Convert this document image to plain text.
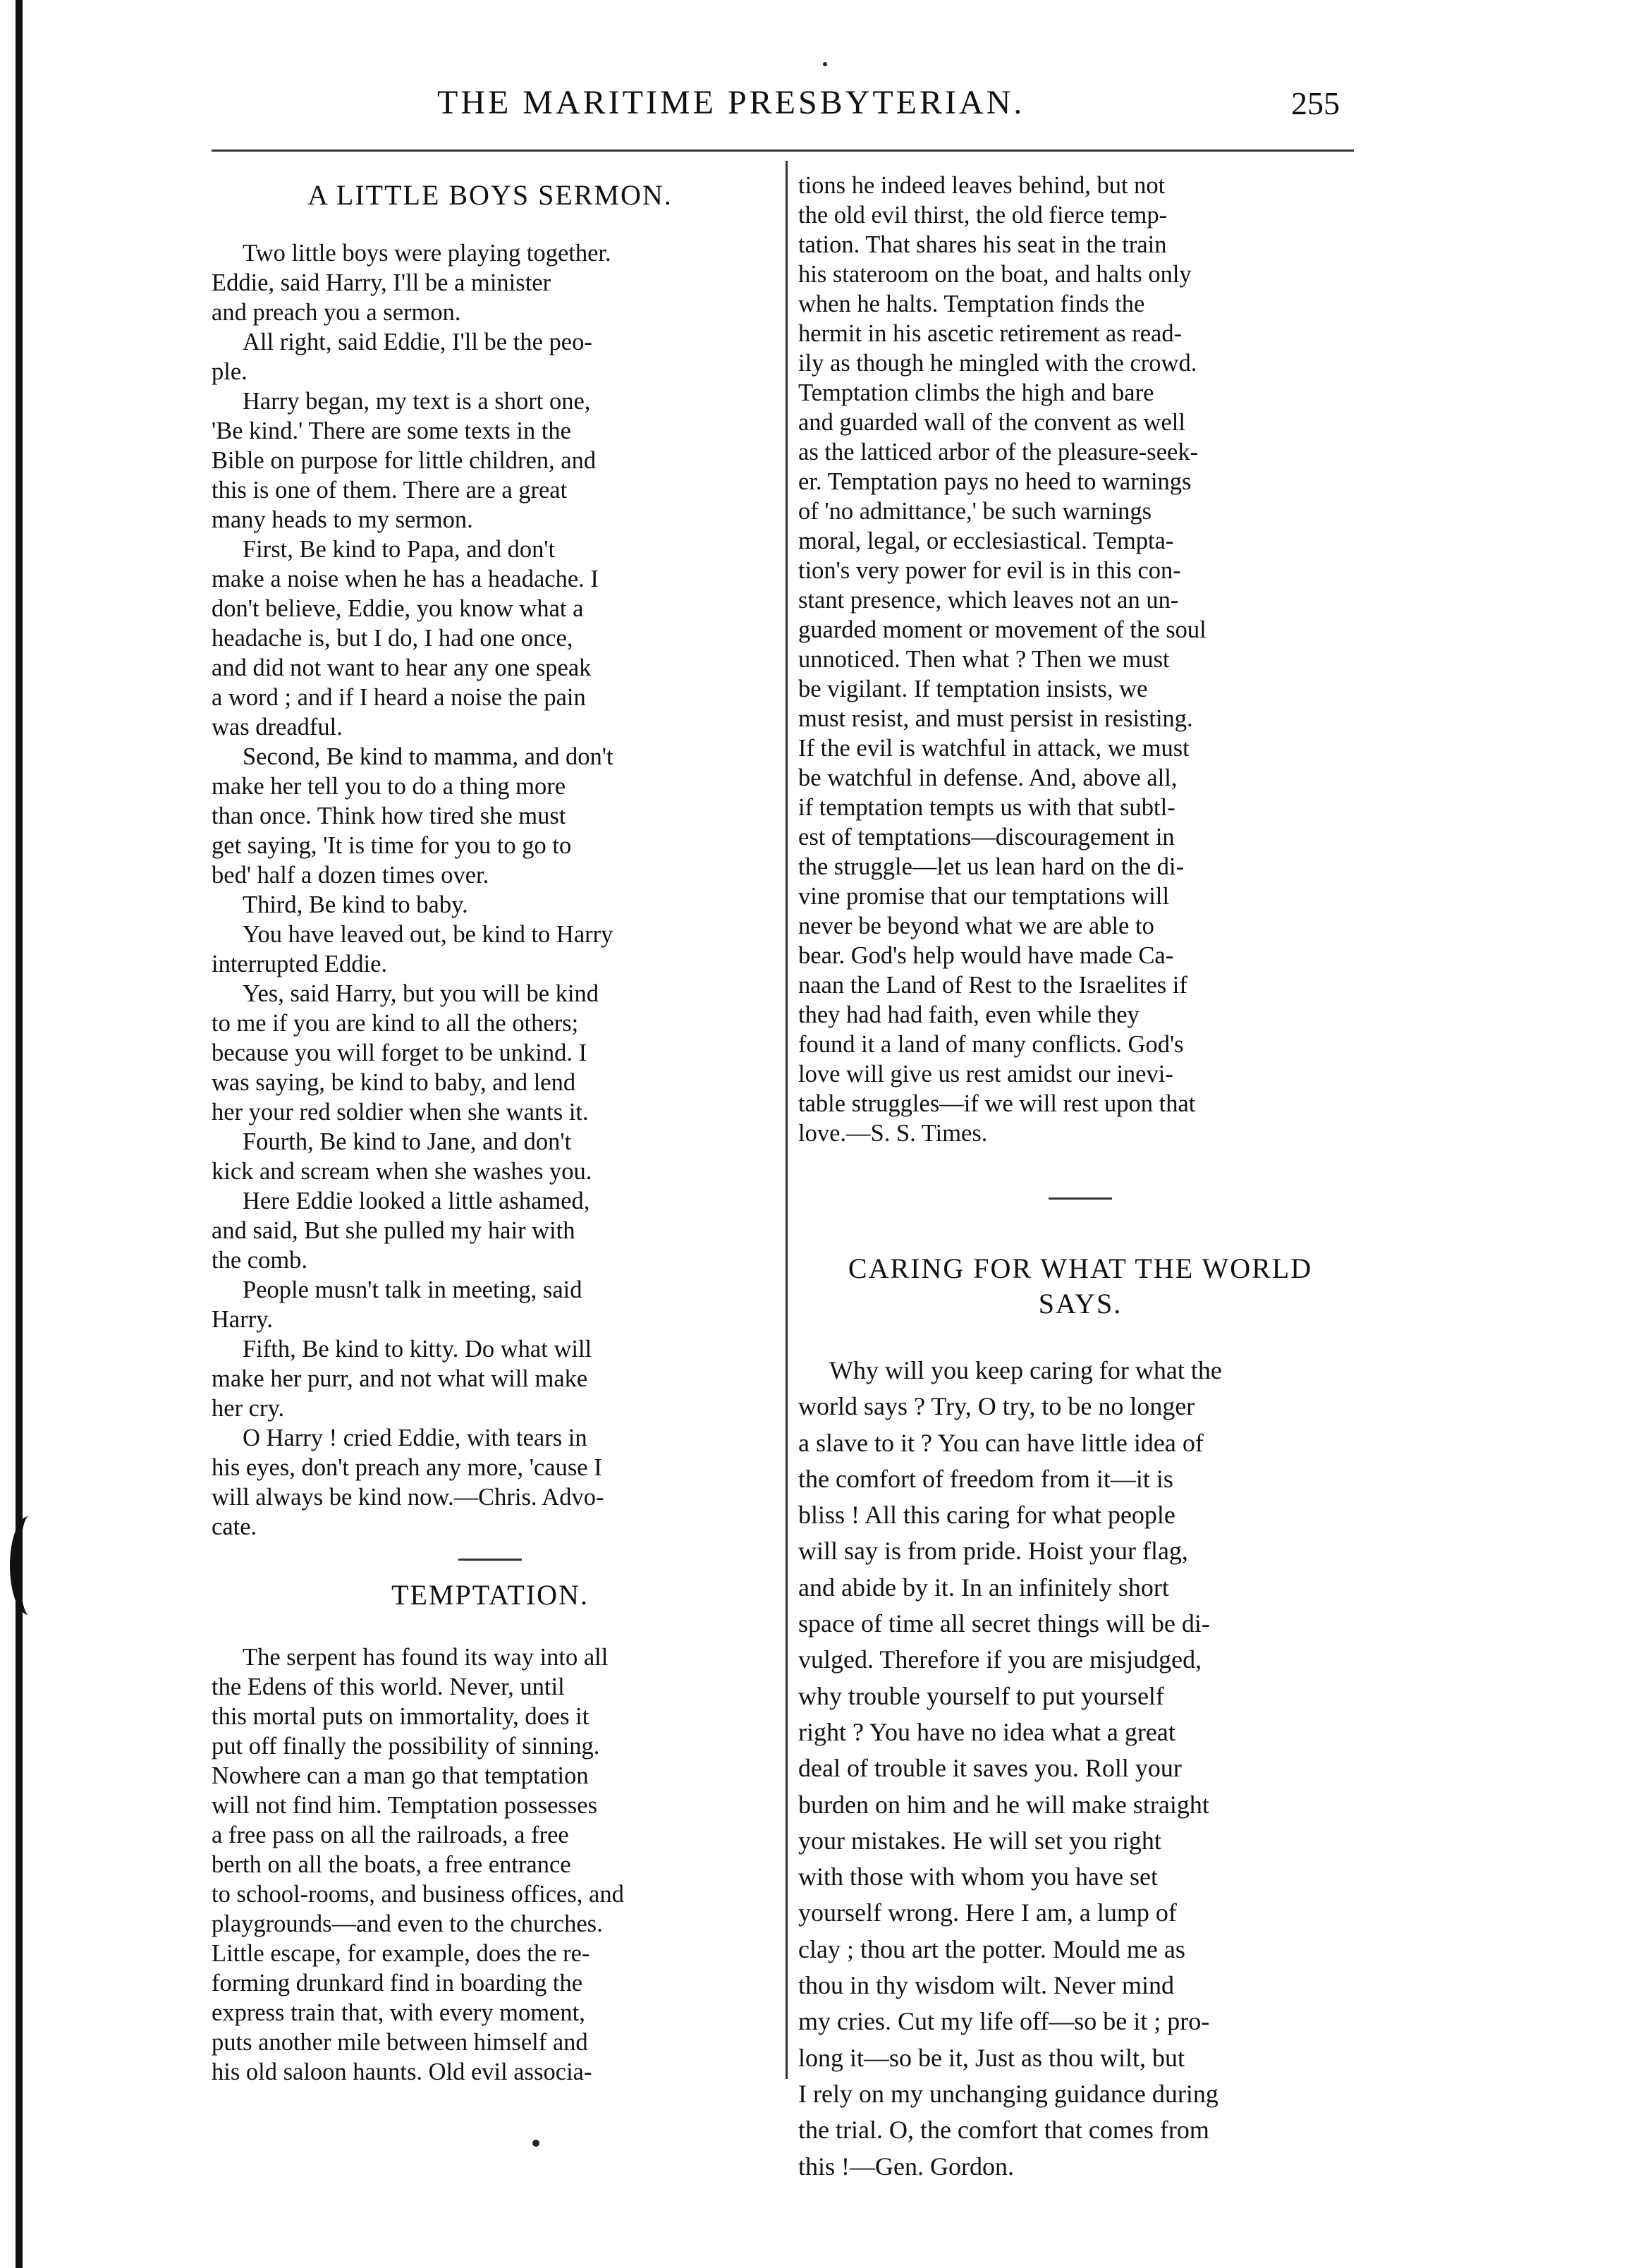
THE MARITIME PRESBYTERIAN.	255
A LITTLE BOYS SERMON.
Two little boys were playing together.
Eddie, said Harry, I'll be a minister
and preach you a sermon.
All right, said Eddie, I'll be the peo-
ple.
Harry began, my text is a short one,
'Be kind.' There are some texts in the
Bible on purpose for little children, and
this is one of them. There are a great
many heads to my sermon.
First, Be kind to Papa, and don't
make a noise when he has a headache. I
don't believe, Eddie, you know what a
headache is, but I do, I had one once,
and did not want to hear any one speak
a word ; and if I heard a noise the pain
was dreadful.
Second, Be kind to mamma, and don't
make her tell you to do a thing more
than once. Think how tired she must
get saying, 'It is time for you to go to
bed' half a dozen times over.
Third, Be kind to baby.
You have leaved out, be kind to Harry
interrupted Eddie.
Yes, said Harry, but you will be kind
to me if you are kind to all the others;
because you will forget to be unkind. I
was saying, be kind to baby, and lend
her your red soldier when she wants it.
Fourth, Be kind to Jane, and don't
kick and scream when she washes you.
Here Eddie looked a little ashamed,
and said, But she pulled my hair with
the comb.
People musn't talk in meeting, said
Harry.
Fifth, Be kind to kitty. Do what will
make her purr, and not what will make
her cry.
O Harry ! cried Eddie, with tears in
his eyes, don't preach any more, 'cause I
will always be kind now.—Chris. Advo-
cate.
TEMPTATION.
The serpent has found its way into all
the Edens of this world. Never, until
this mortal puts on immortality, does it
put off finally the possibility of sinning.
Nowhere can a man go that temptation
will not find him. Temptation possesses
a free pass on all the railroads, a free
berth on all the boats, a free entrance
to school-rooms, and business offices, and
playgrounds—and even to the churches.
Little escape, for example, does the re-
forming drunkard find in boarding the
express train that, with every moment,
puts another mile between himself and
his old saloon haunts. Old evil associa-
tions he indeed leaves behind, but not
the old evil thirst, the old fierce temp-
tation. That shares his seat in the train
his stateroom on the boat, and halts only
when he halts. Temptation finds the
hermit in his ascetic retirement as read-
ily as though he mingled with the crowd.
Temptation climbs the high and bare
and guarded wall of the convent as well
as the latticed arbor of the pleasure-seek-
er. Temptation pays no heed to warnings
of 'no admittance,' be such warnings
moral, legal, or ecclesiastical. Tempta-
tion's very power for evil is in this con-
stant presence, which leaves not an un-
guarded moment or movement of the soul
unnoticed. Then what ? Then we must
be vigilant. If temptation insists, we
must resist, and must persist in resisting.
If the evil is watchful in attack, we must
be watchful in defense. And, above all,
if temptation tempts us with that subtl-
est of temptations—discouragement in
the struggle—let us lean hard on the di-
vine promise that our temptations will
never be beyond what we are able to
bear. God's help would have made Ca-
naan the Land of Rest to the Israelites if
they had had faith, even while they
found it a land of many conflicts. God's
love will give us rest amidst our inevi-
table struggles—if we will rest upon that
love.—S. S. Times.
CARING FOR WHAT THE WORLD
SAYS.
Why will you keep caring for what the
world says ? Try, O try, to be no longer
a slave to it ? You can have little idea of
the comfort of freedom from it—it is
bliss ! All this caring for what people
will say is from pride. Hoist your flag,
and abide by it. In an infinitely short
space of time all secret things will be di-
vulged. Therefore if you are misjudged,
why trouble yourself to put yourself
right ? You have no idea what a great
deal of trouble it saves you. Roll your
burden on him and he will make straight
your mistakes. He will set you right
with those with whom you have set
yourself wrong. Here I am, a lump of
clay ; thou art the potter. Mould me as
thou in thy wisdom wilt. Never mind
my cries. Cut my life off—so be it ; pro-
long it—so be it, Just as thou wilt, but
I rely on my unchanging guidance during
the trial. O, the comfort that comes from
this !—Gen. Gordon.
